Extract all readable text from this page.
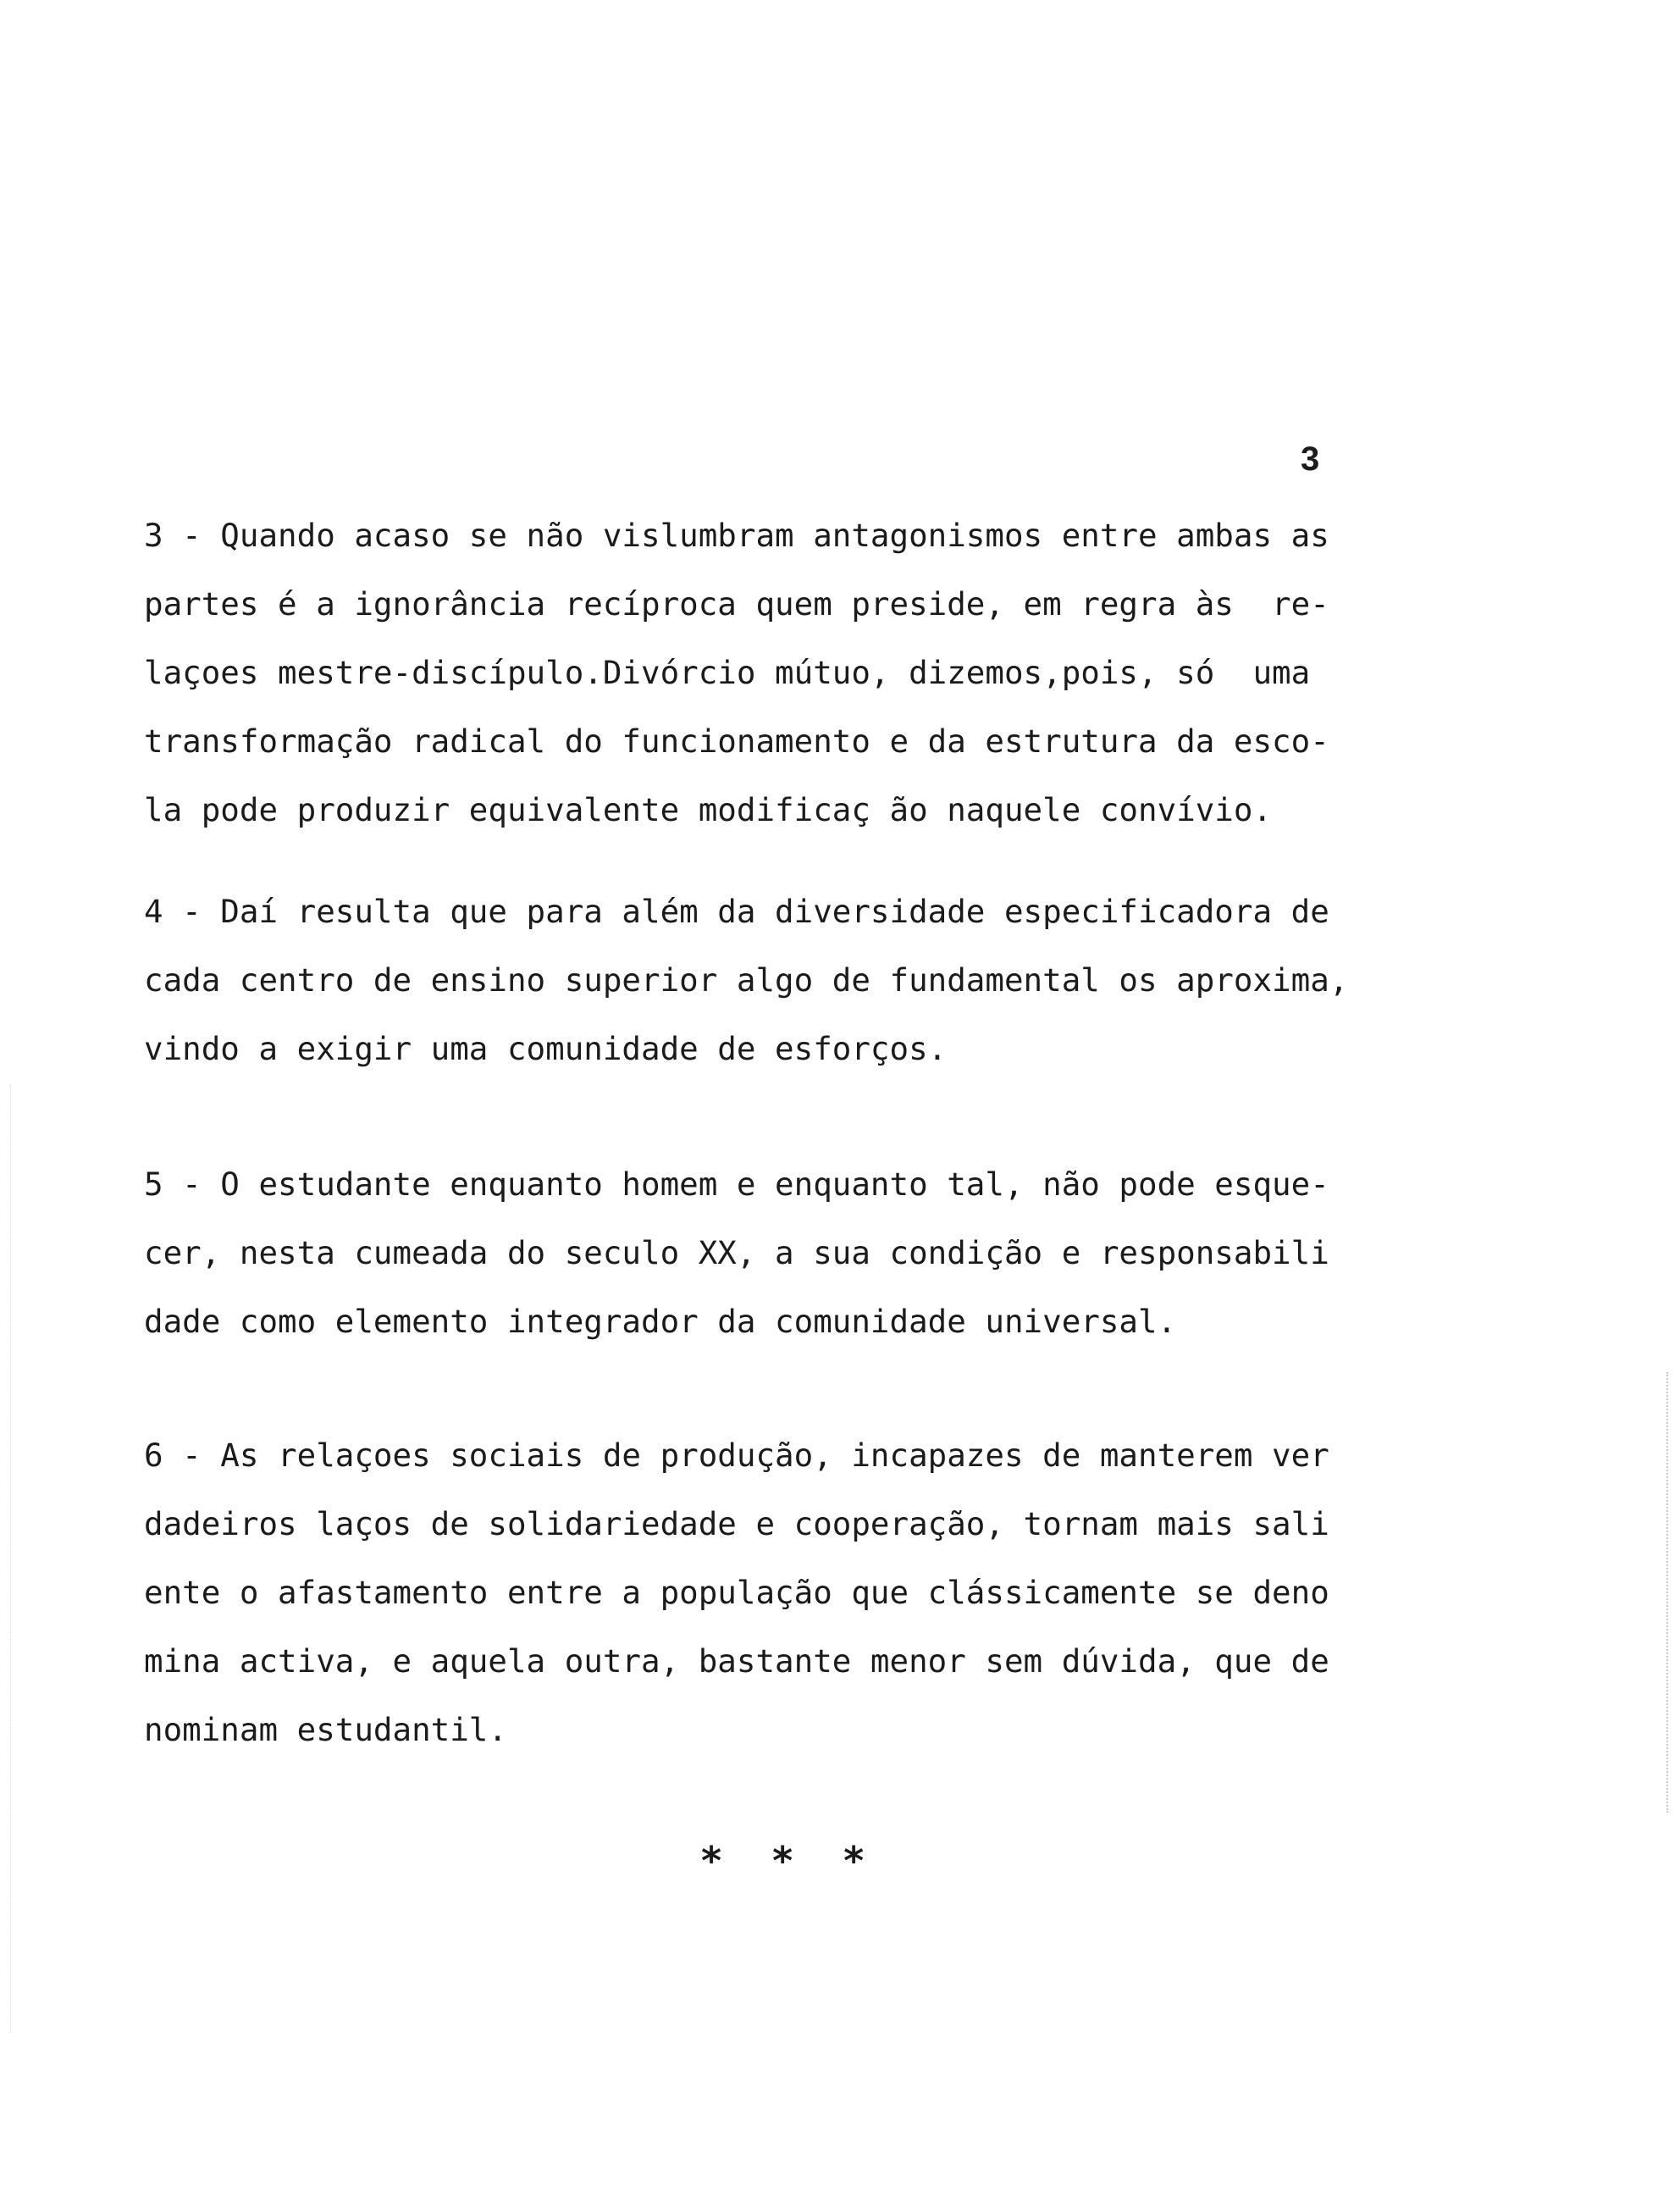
3
3 - Quando acaso se não vislumbram antagonismos entre ambas as
partes é a ignorância recíproca quem preside, em regra às  re-
laçoes mestre-discípulo.Divórcio mútuo, dizemos,pois, só  uma
transformação radical do funcionamento e da estrutura da esco-
la pode produzir equivalente modificaç ão naquele convívio.
4 - Daí resulta que para além da diversidade especificadora de
cada centro de ensino superior algo de fundamental os aproxima,
vindo a exigir uma comunidade de esforços.
5 - O estudante enquanto homem e enquanto tal, não pode esque-
cer, nesta cumeada do seculo XX, a sua condição e responsabili
dade como elemento integrador da comunidade universal.
6 - As relaçoes sociais de produção, incapazes de manterem ver
dadeiros laços de solidariedade e cooperação, tornam mais sali
ente o afastamento entre a população que clássicamente se deno
mina activa, e aquela outra, bastante menor sem dúvida, que de
nominam estudantil.
* * *
